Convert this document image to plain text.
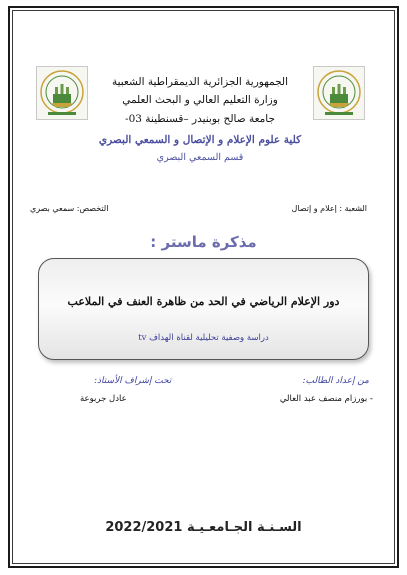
الجمهورية الجزائرية الديمقراطية الشعبية
وزارة التعليم العالي و البحث العلمي
جامعة صالح بوبنيدر –قسنطينة 03-
كلية علوم الإعلام و الإتصال و السمعي البصري
قسم السمعي البصري
الشعبة : إعلام و إتصال
التخصص: سمعي بصري
مذكرة ماستر :
دور الإعلام الرياضي في الحد من ظاهرة العنف في الملاعب
دراسة وصفية تحليلية لقناة الهداف tv
من إعداد الطالب:
تحت إشراف الأستاذ:
- بورزام منصف عبد العالي
عادل جربوعة
السـنـة الجـامعـيـة 2022/2021
